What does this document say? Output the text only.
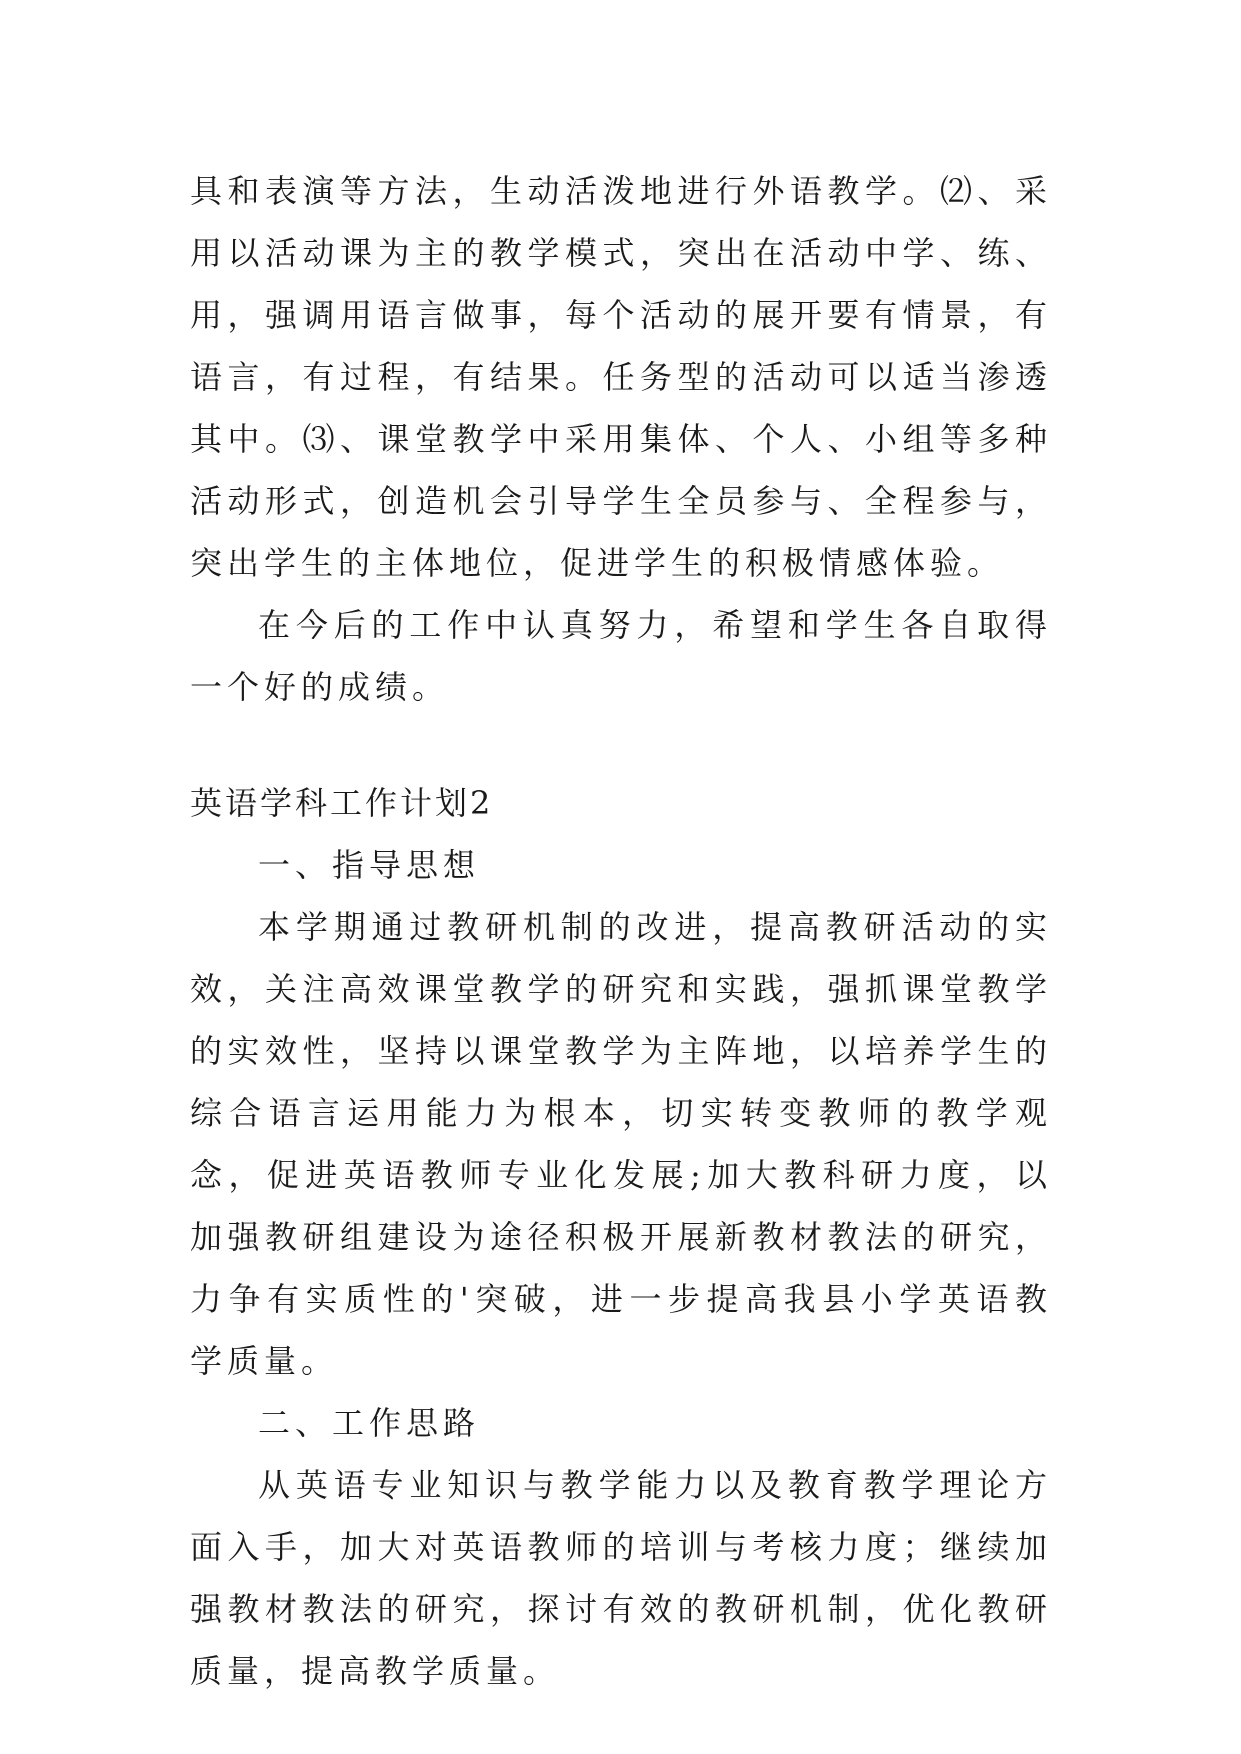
具和表演等方法，生动活泼地进行外语教学。⑵、采用以活动课为主的教学模式，突出在活动中学、练、用，强调用语言做事，每个活动的展开要有情景，有语言，有过程，有结果。任务型的活动可以适当渗透其中。⑶、课堂教学中采用集体、个人、小组等多种活动形式，创造机会引导学生全员参与、全程参与，突出学生的主体地位，促进学生的积极情感体验。

在今后的工作中认真努力，希望和学生各自取得一个好的成绩。

英语学科工作计划2

一、指导思想

本学期通过教研机制的改进，提高教研活动的实效，关注高效课堂教学的研究和实践，强抓课堂教学的实效性，坚持以课堂教学为主阵地，以培养学生的综合语言运用能力为根本，切实转变教师的教学观念，促进英语教师专业化发展;加大教科研力度，以加强教研组建设为途径积极开展新教材教法的研究，力争有实质性的'突破，进一步提高我县小学英语教学质量。

二、工作思路

从英语专业知识与教学能力以及教育教学理论方面入手，加大对英语教师的培训与考核力度；继续加强教材教法的研究，探讨有效的教研机制，优化教研质量，提高教学质量。
